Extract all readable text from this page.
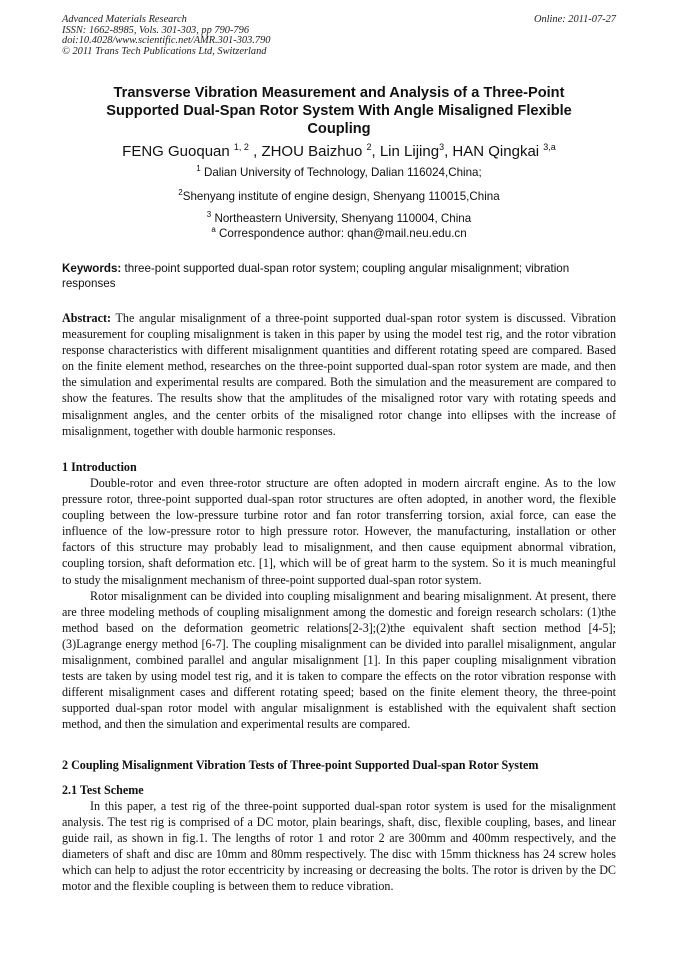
Advanced Materials Research
ISSN: 1662-8985, Vols. 301-303, pp 790-796
doi:10.4028/www.scientific.net/AMR.301-303.790
© 2011 Trans Tech Publications Ltd, Switzerland
Online: 2011-07-27
Transverse Vibration Measurement and Analysis of a Three-Point
Supported Dual-Span Rotor System With Angle Misaligned Flexible
Coupling
FENG Guoquan $^{1, 2}$ , ZHOU Baizhuo $^2$, Lin Lijing$^3$, HAN Qingkai $^{3,a}$
$^1$ Dalian University of Technology, Dalian 116024,China;
$^2$Shenyang institute of engine design, Shenyang 110015,China
$^3$ Northeastern University, Shenyang 110004, China
$^a$ Correspondence author: qhan@mail.neu.edu.cn
Keywords: three-point supported dual-span rotor system; coupling angular misalignment; vibration responses

Abstract: The angular misalignment of a three-point supported dual-span rotor system is discussed. Vibration measurement for coupling misalignment is taken in this paper by using the model test rig, and the rotor vibration response characteristics with different misalignment quantities and different rotating speed are compared. Based on the finite element method, researches on the three-point supported dual-span rotor system are made, and then the simulation and experimental results are compared. Both the simulation and the measurement are compared to show the features. The results show that the amplitudes of the misaligned rotor vary with rotating speeds and misalignment angles, and the center orbits of the misaligned rotor change into ellipses with the increase of misalignment, together with double harmonic responses.

1 Introduction

Double-rotor and even three-rotor structure are often adopted in modern aircraft engine. As to the low pressure rotor, three-point supported dual-span rotor structures are often adopted, in another word, the flexible coupling between the low-pressure turbine rotor and fan rotor transferring torsion, axial force, can ease the influence of the low-pressure rotor to high pressure rotor. However, the manufacturing, installation or other factors of this structure may probably lead to misalignment, and then cause equipment abnormal vibration, coupling torsion, shaft deformation etc. [1], which will be of great harm to the system. So it is much meaningful to study the misalignment mechanism of three-point supported dual-span rotor system.

Rotor misalignment can be divided into coupling misalignment and bearing misalignment. At present, there are three modeling methods of coupling misalignment among the domestic and foreign research scholars: (1)the method based on the deformation geometric relations[2-3];(2)the equivalent shaft section method [4-5];(3)Lagrange energy method [6-7]. The coupling misalignment can be divided into parallel misalignment, angular misalignment, combined parallel and angular misalignment [1]. In this paper coupling misalignment vibration tests are taken by using model test rig, and it is taken to compare the effects on the rotor vibration response with different misalignment cases and different rotating speed; based on the finite element theory, the three-point supported dual-span rotor model with angular misalignment is established with the equivalent shaft section method, and then the simulation and experimental results are compared.

2 Coupling Misalignment Vibration Tests of Three-point Supported Dual-span Rotor System
2.1 Test Scheme

In this paper, a test rig of the three-point supported dual-span rotor system is used for the misalignment analysis. The test rig is comprised of a DC motor, plain bearings, shaft, disc, flexible coupling, bases, and linear guide rail, as shown in fig.1. The lengths of rotor 1 and rotor 2 are 300mm and 400mm respectively, and the diameters of shaft and disc are 10mm and 80mm respectively. The disc with 15mm thickness has 24 screw holes which can help to adjust the rotor eccentricity by increasing or decreasing the bolts. The rotor is driven by the DC motor and the flexible coupling is between them to reduce vibration.
